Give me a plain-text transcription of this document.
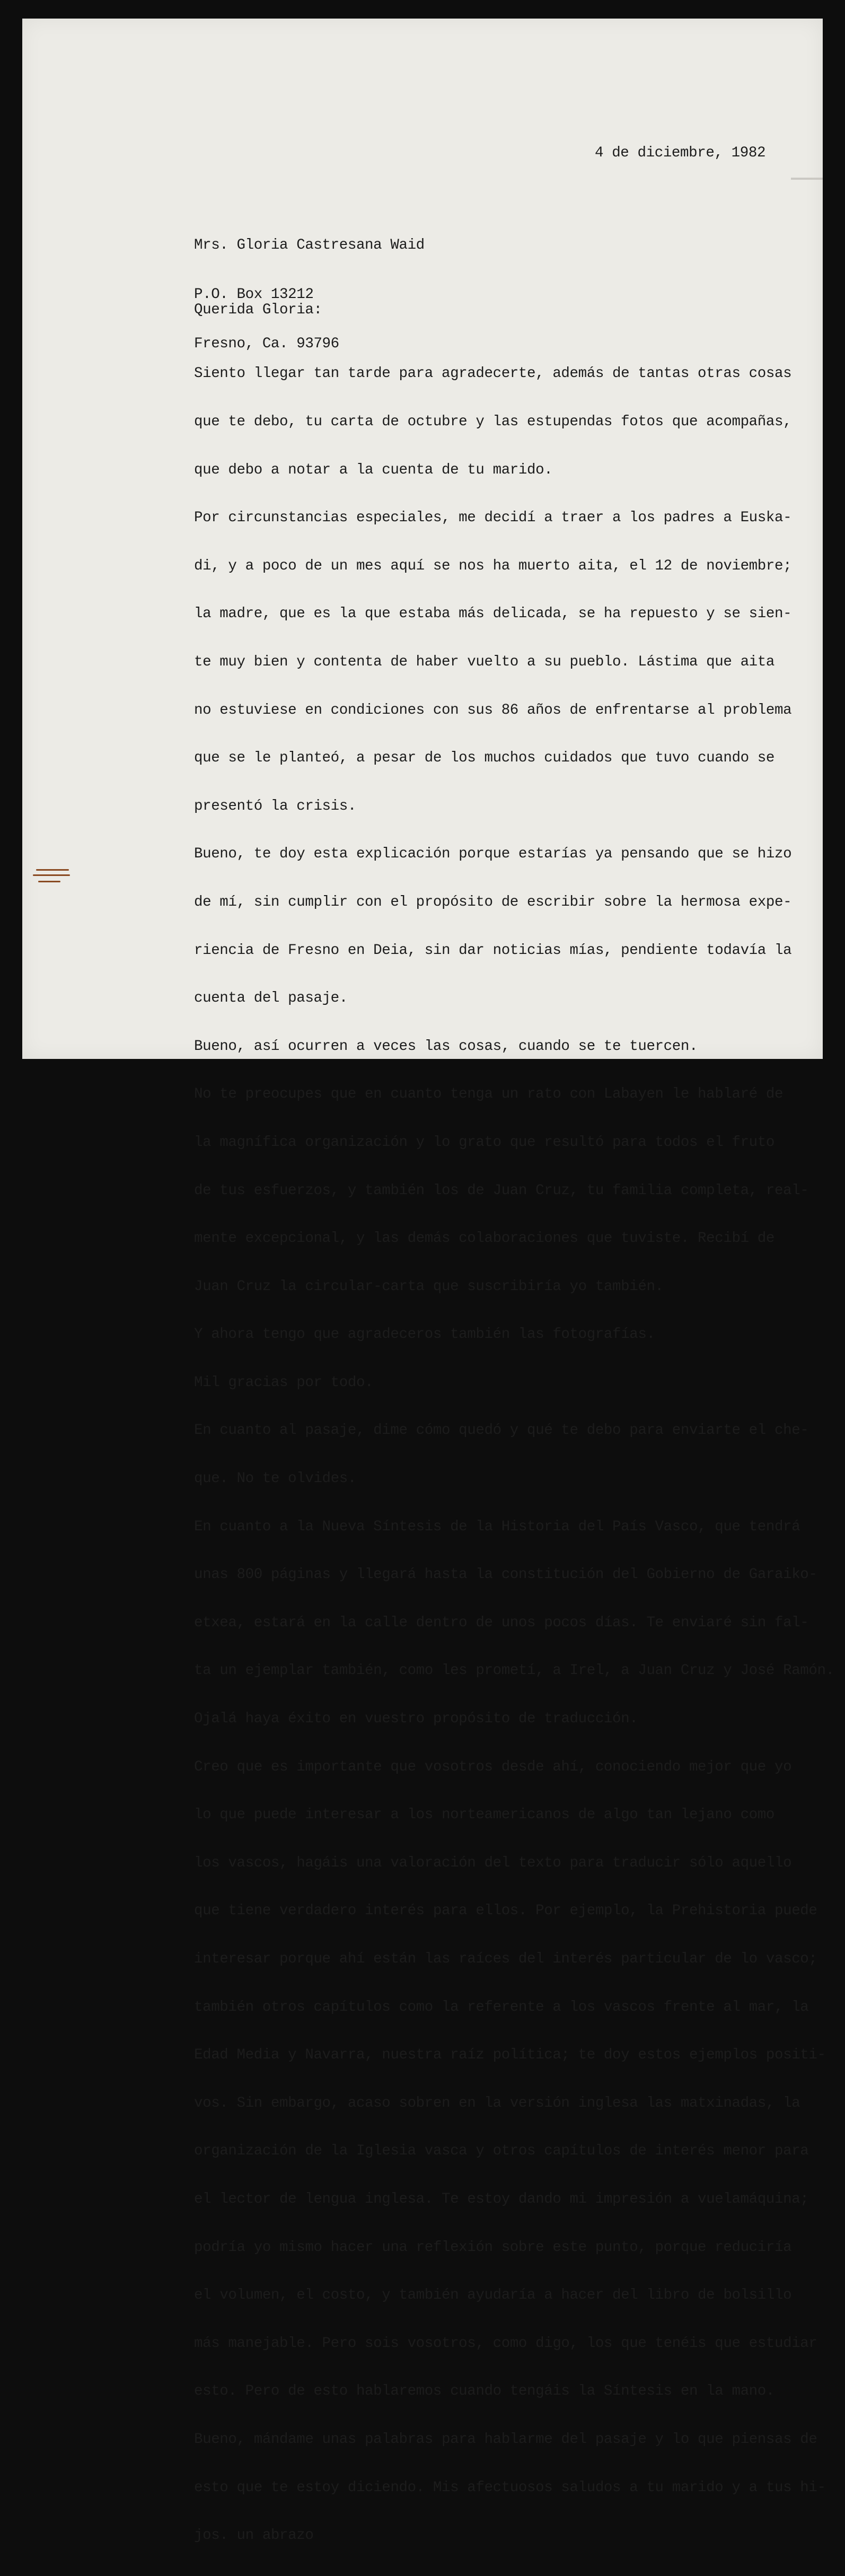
4 de diciembre, 1982

Mrs. Gloria Castresana Waid

P.O. Box 13212

Fresno, Ca. 93796

Querida Gloria:

Siento llegar tan tarde para agradecerte, además de tantas otras cosas

que te debo, tu carta de octubre y las estupendas fotos que acompañas,

que debo a notar a la cuenta de tu marido.

Por circunstancias especiales, me decidí a traer a los padres a Euska-

di, y a poco de un mes aquí se nos ha muerto aita, el 12 de noviembre;

la madre, que es la que estaba más delicada, se ha repuesto y se sien-

te muy bien y contenta de haber vuelto a su pueblo. Lástima que aita

no estuviese en condiciones con sus 86 años de enfrentarse al problema

que se le planteó, a pesar de los muchos cuidados que tuvo cuando se

presentó la crisis.

Bueno, te doy esta explicación porque estarías ya pensando que se hizo

de mí, sin cumplir con el propósito de escribir sobre la hermosa expe-

riencia de Fresno en Deia, sin dar noticias mías, pendiente todavía la

cuenta del pasaje.

Bueno, así ocurren a veces las cosas, cuando se te tuercen.

No te preocupes que en cuanto tenga un rato con Labayen le hablaré de

la magnífica organización y lo grato que resultó para todos el fruto

de tus esfuerzos, y también los de Juan Cruz, tu familia completa, real-

mente excepcional, y las demás colaboraciones que tuviste. Recibí de

Juan Cruz la circular-carta que suscribiría yo también.

Y ahora tengo que agradeceros también las fotografías.

Mil gracias por todo.

En cuanto al pasaje, dime cómo quedó y qué te debo para enviarte el che-

que. No te olvides.

En cuanto a la Nueva Síntesis de la Historia del País Vasco, que tendrá

unas 800 páginas y llegará hasta la constitución del Gobierno de Garaiko-

etxea, estará en la calle dentro de unos pocos días. Te enviaré sin fal-

ta un ejemplar también, como les prometí, a Irel, a Juan Cruz y José Ramón.

Ojalá haya éxito en vuestro propósito de traducción.

Creo que es importante que vosotros desde ahí, conociendo mejor que yo

lo que puede interesar a los norteamericanos de algo tan lejano como

los vascos, hagáis una valoración del texto para traducir sólo aquello

que tiene verdadero interés para ellos. Por ejemplo, la Prehistoria puede

interesar porque ahí están las raíces del interés particular de lo vasco;

también otros capítulos como la referente a los vascos frente al mar, la

Edad Media y Navarra, nuestra raíz política; te doy estos ejemplos positi-

vos. Sin embargo, acaso sobren en la versión inglesa las matxinadas, la

organización de la Iglesia vasca y otros capítulos de interés menor para

el lector de lengua inglesa. Te estoy dando mi impresión a vuelamáquina;

podría yo mismo hacer una reflexión sobre este punto, porque reduciría

el volumen, el costo, y también ayudaría a hacer del libro de bolsillo

más manejable. Pero sois vosotros, como digo, los que tenéis que estudiar

esto. Pero de esto hablaremos cuando tengáis la Síntesis en la mano.

Bueno, mándame unas palabras para hablarme del pasaje y lo que piensas de

esto que te estoy diciendo. Mis afectuosos saludos a tu marido y a tus hi-

jos. un abrazo
